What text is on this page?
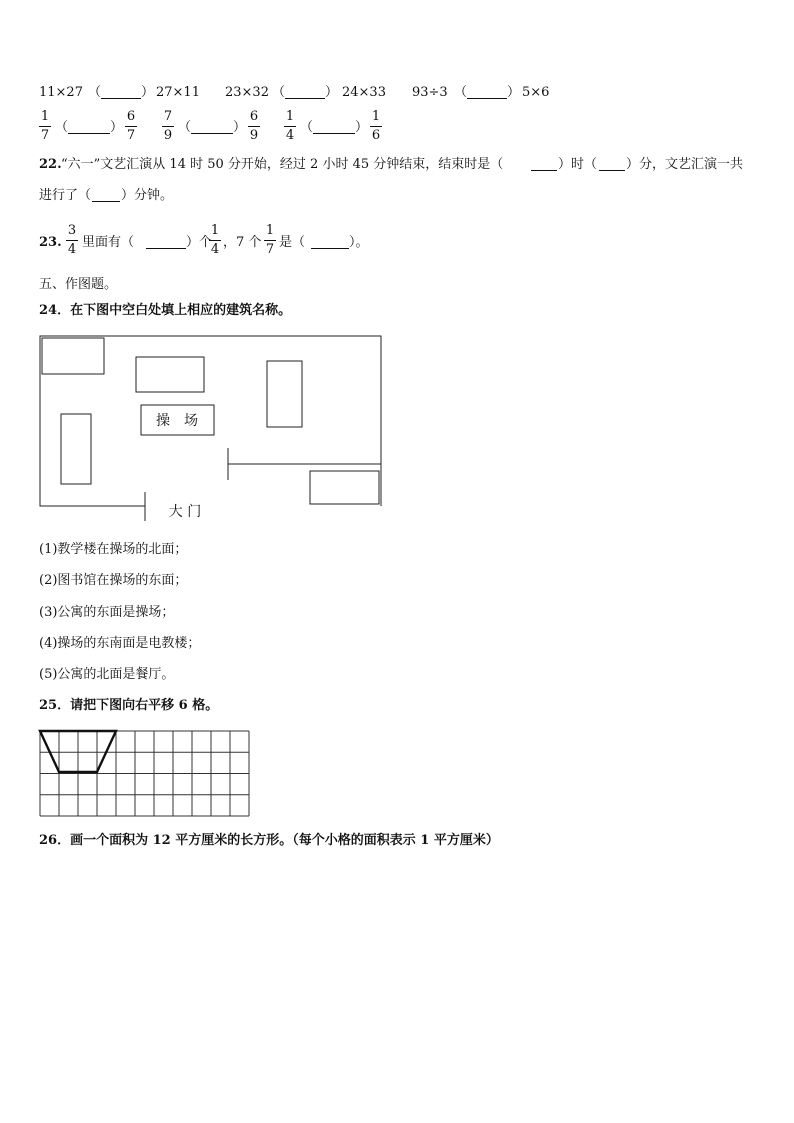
11×27 （	） 27×11 23×32 （	） 24×33 93÷3 （	） 5×6
1
7
（	）
6
7
7
9
（	）
6
9
1
4
（	）
1
6
22. “六一”文艺汇演从 14 时 50 分开始，经过 2 小时 45 分钟结束，结束时是（	）时（ ）分，文艺汇演一共
进行了（ ）分钟。
23.
3
4 里面有（	）个
1
4 ，7 个
1
7 是（	）。
五、作图题。
24．在下图中空白处填上相应的建筑名称。
操　场
大 门
(1)教学楼在操场的北面；
(2)图书馆在操场的东面；
(3)公寓的东面是操场；
(4)操场的东南面是电教楼；
(5)公寓的北面是餐厅。
25．请把下图向右平移 6 格。
26．画一个面积为 12 平方厘米的长方形。（每个小格的面积表示 1 平方厘米）
